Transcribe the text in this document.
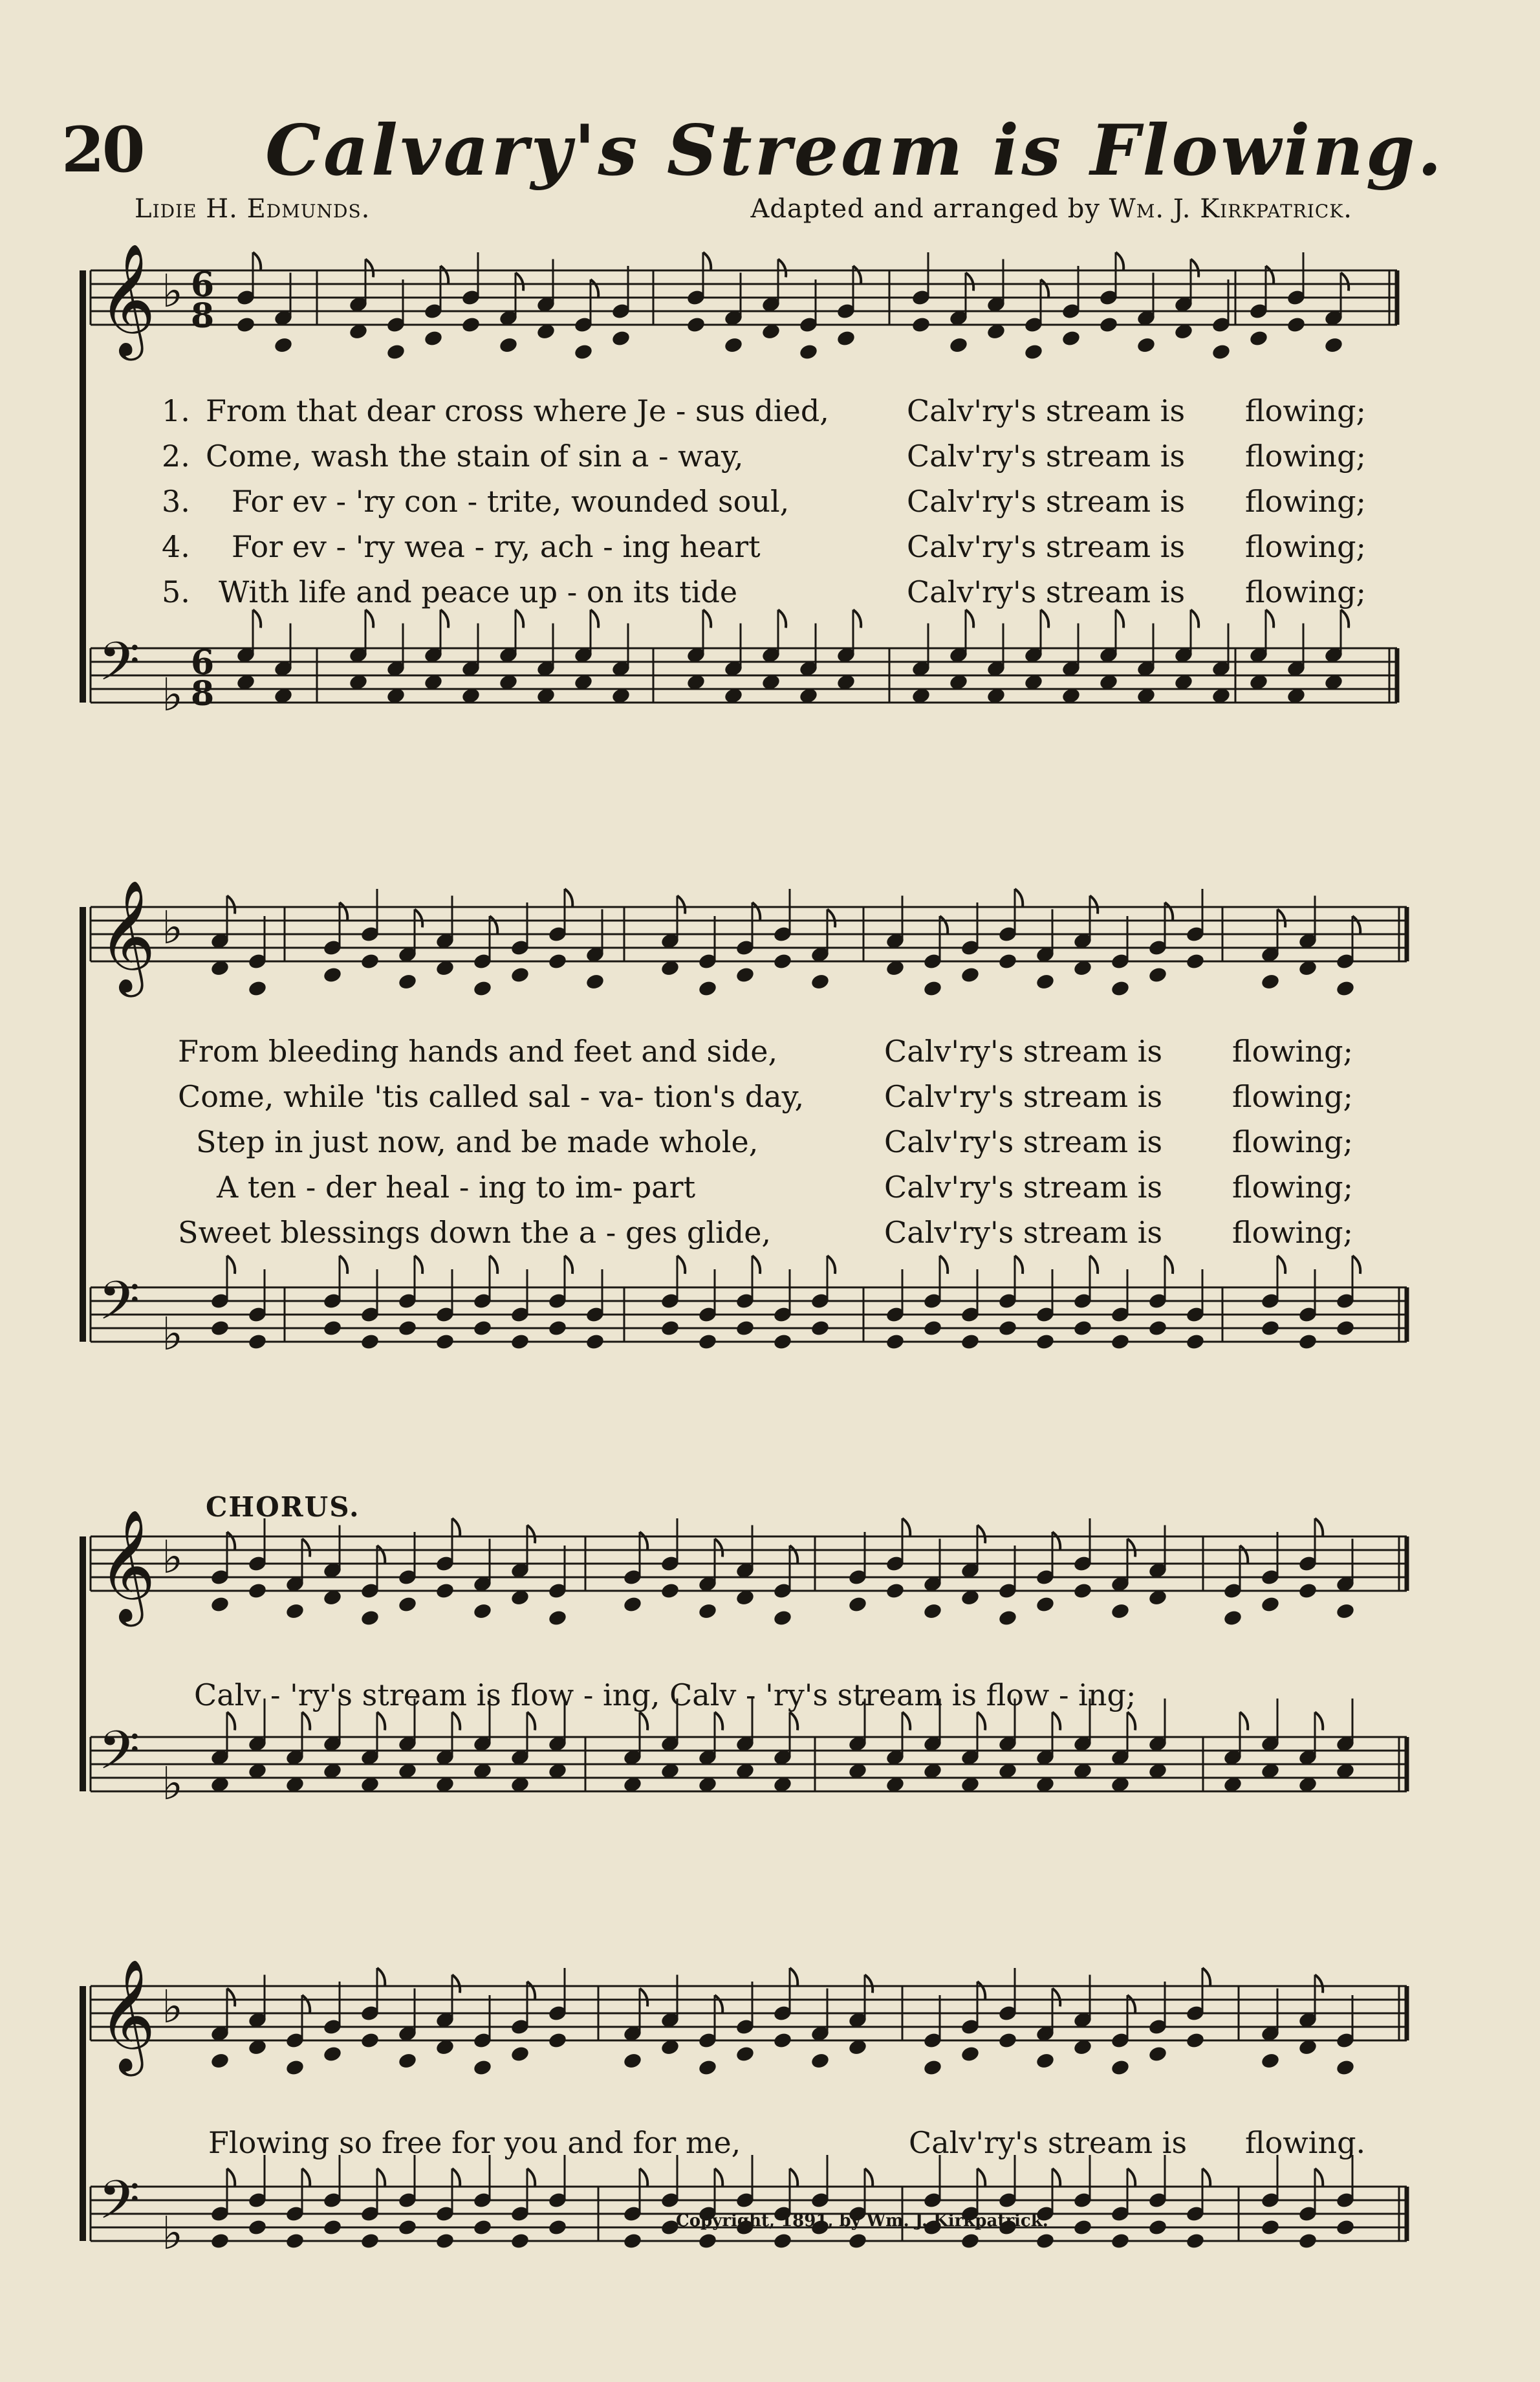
20 Calvary's Stream is Flowing.
Lidie H. Edmunds.	Adapted and arranged by Wm. J. Kirkpatrick.
𝄞 ♭ 6
8
𝄢 ♭
6
8
𝄞 ♭
𝄢 ♭
𝄞 ♭
𝄢 ♭
𝄞 ♭
𝄢 ♭
1. From that dear cross where Je - sus died,	Calv'ry's stream is flowing;
2. Come, wash the stain of sin a - way,	Calv'ry's stream is flowing;
3. For ev - 'ry con - trite, wounded soul,	Calv'ry's stream is flowing;
4. For ev - 'ry wea - ry, ach - ing heart	Calv'ry's stream is flowing;
5. With life and peace up - on its tide	Calv'ry's stream is flowing;
From bleeding hands and feet and side,	Calv'ry's stream is flowing;
Come, while 'tis called sal - va- tion's day,	Calv'ry's stream is flowing;
Step in just now, and be made whole,	Calv'ry's stream is flowing;
A ten - der heal - ing to im- part	Calv'ry's stream is flowing;
Sweet blessings down the a - ges glide,	Calv'ry's stream is flowing;
CHORUS.
Calv - 'ry's stream is flow - ing, Calv - 'ry's stream is flow - ing;
Flowing so free for you and for me,	Calv'ry's stream is flowing.
Copyright, 1891, by Wm. J. Kirkpatrick.
